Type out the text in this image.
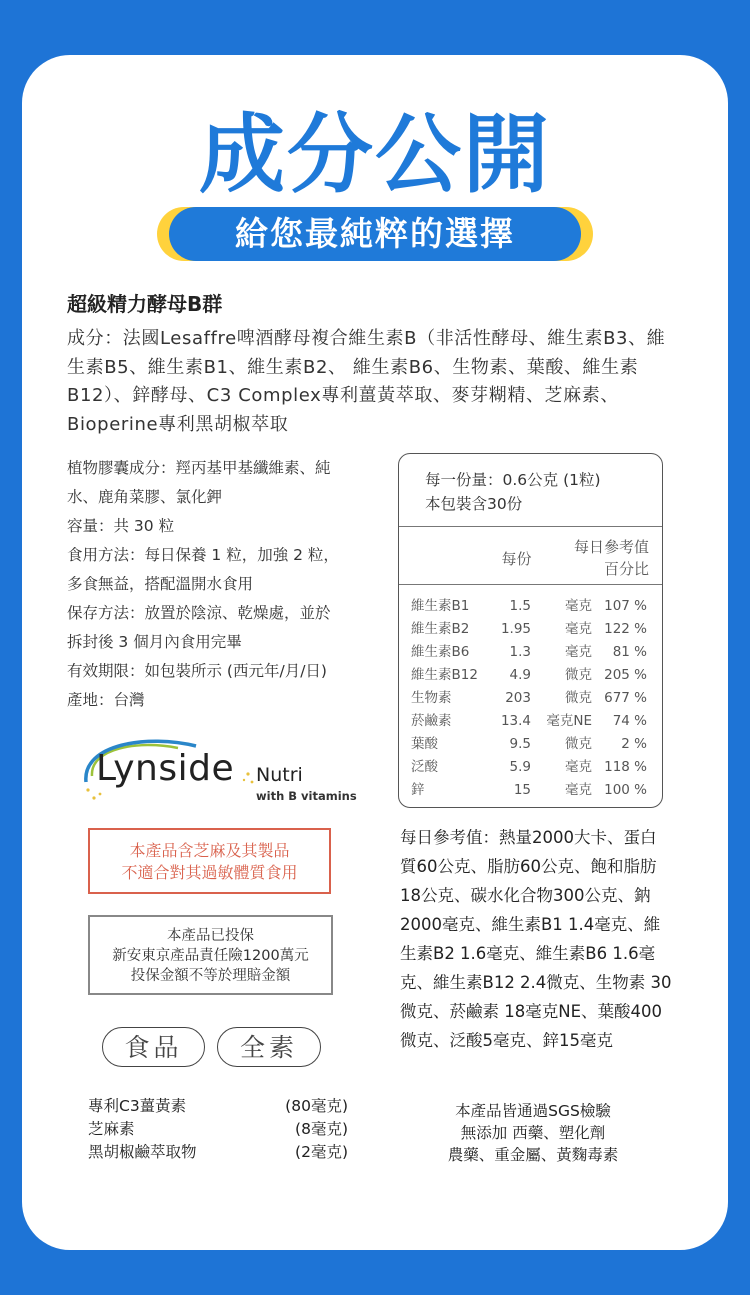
成分公開
給您最純粹的選擇
超級精力酵母B群
成分：法國Lesaffre啤酒酵母複合維生素B（非活性酵母、維生素B3、維生素B5、維生素B1、維生素B2、 維生素B6、生物素、葉酸、維生素B12）、鋅酵母、C3 Complex專利薑黃萃取、麥芽糊精、芝麻素、Bioperine專利黑胡椒萃取
植物膠囊成分：羥丙基甲基纖維素、純
水、鹿角菜膠、氯化鉀
容量：共 30 粒
食用方法：每日保養 1 粒，加強 2 粒，
多食無益，搭配溫開水食用
保存方法：放置於陰涼、乾燥處，並於
拆封後 3 個月內食用完畢
有效期限：如包裝所示 (西元年/月/日)
產地：台灣
每一份量：0.6公克 (1粒)
本包裝含30份
每份
每日參考值
百分比
維生素B1	1.5	毫克 107 %
維生素B2	1.95	毫克 122 %
維生素B6	1.3	毫克	81 %
維生素B12	4.9	微克 205 %
生物素	203	微克 677 %
菸鹼素	13.4	毫克NE	74 %
葉酸	9.5	微克	2 %
泛酸	5.9	毫克 118 %
鋅	15	毫克 100 %
Lynside Nutri
with B vitamins
本產品含芝麻及其製品
不適合對其過敏體質食用
本產品已投保
新安東京產品責任險1200萬元
投保金額不等於理賠金額
食品	全素
每日參考值：熱量2000大卡、蛋白質60公克、脂肪60公克、飽和脂肪18公克、碳水化合物300公克、鈉2000毫克、維生素B1 1.4毫克、維生素B2 1.6毫克、維生素B6 1.6毫克、維生素B12 2.4微克、生物素 30微克、菸鹼素 18毫克NE、葉酸400微克、泛酸5毫克、鋅15毫克
專利C3薑黃素	(80毫克)
芝麻素	(8毫克)
黑胡椒鹼萃取物	(2毫克)
本產品皆通過SGS檢驗
無添加 西藥、塑化劑
農藥、重金屬、黃麴毒素
